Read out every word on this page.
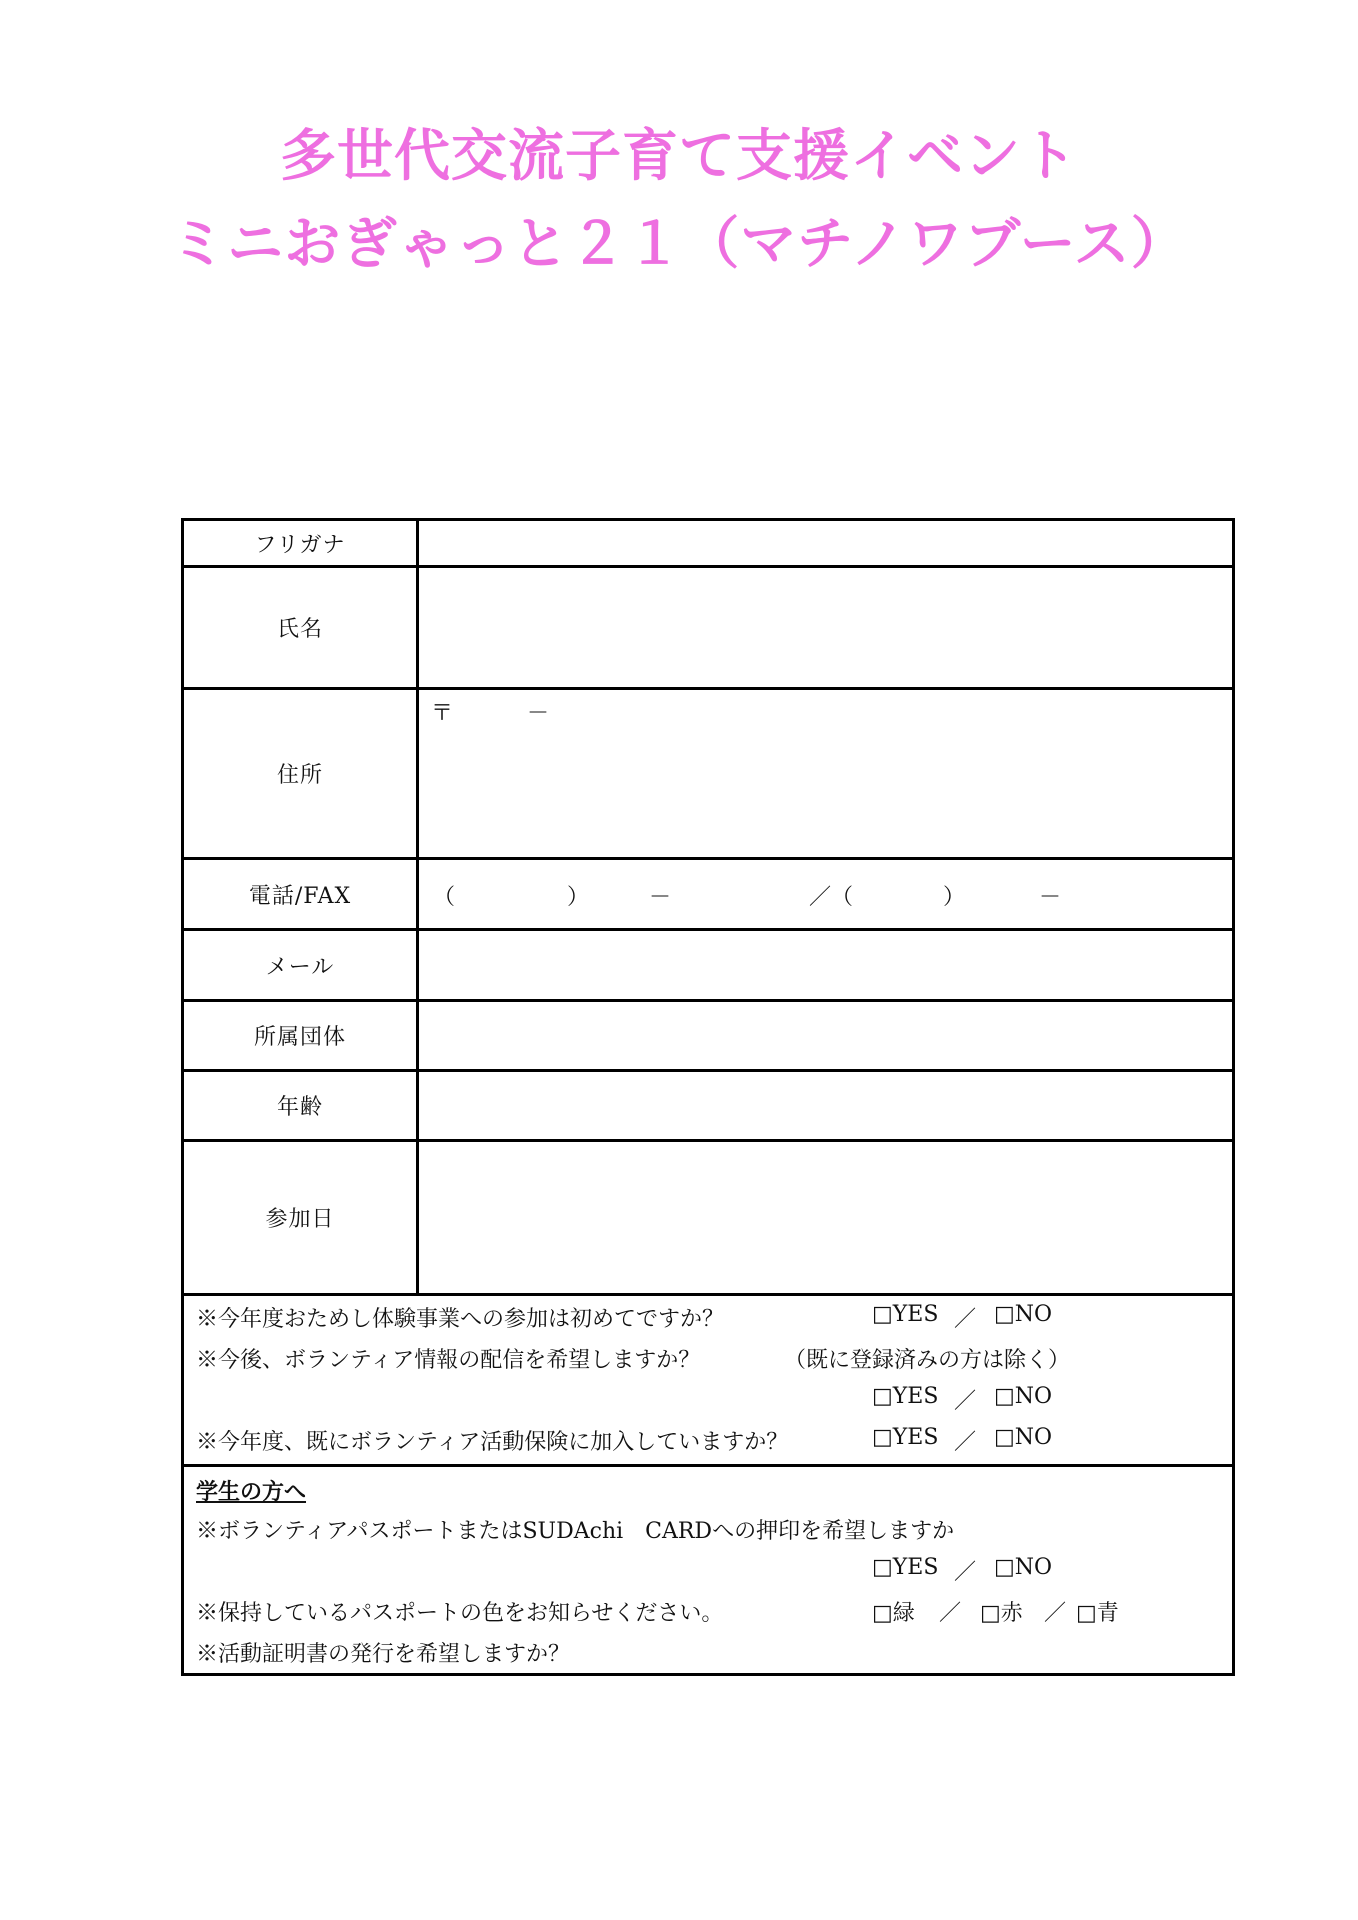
多世代交流子育て支援イベント
ミニおぎゃっと２１（マチノワブース）
フリガナ
氏名
住所
〒	－
電話/FAX	（	）	－	／（	）	－
メール
所属団体
年齢
参加日
※今年度おためし体験事業への参加は初めてですか？	□YES ／ □NO
※今後、ボランティア情報の配信を希望しますか？	（既に登録済みの方は除く）
□YES ／ □NO
※今年度、既にボランティア活動保険に加入していますか？	□YES ／ □NO
学生の方へ
※ボランティアパスポートまたはSUDAchi　CARDへの押印を希望しますか
□YES ／ □NO
※保持しているパスポートの色をお知らせください。	□緑 ／ □赤 ／ □青
※活動証明書の発行を希望しますか？
